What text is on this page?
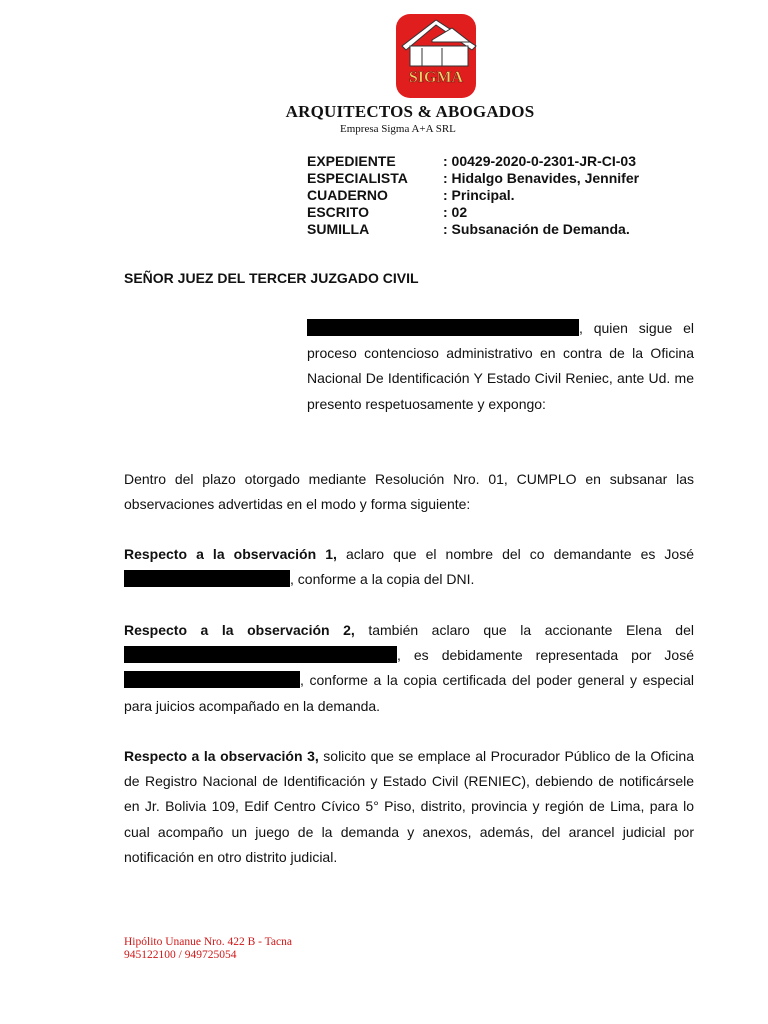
SIGMA
ARQUITECTOS & ABOGADOS
Empresa Sigma A+A SRL
EXPEDIENTE	: 00429-2020-0-2301-JR-CI-03
ESPECIALISTA	: Hidalgo Benavides, Jennifer
CUADERNO	: Principal.
ESCRITO	: 02
SUMILLA	: Subsanación de Demanda.
SEÑOR JUEZ DEL TERCER JUZGADO CIVIL
, quien sigue el proceso contencioso administrativo en contra de la Oficina Nacional De Identificación Y Estado Civil Reniec, ante Ud. me presento respetuosamente y expongo:
Dentro del plazo otorgado mediante Resolución Nro. 01, CUMPLO en subsanar las observaciones advertidas en el modo y forma siguiente:
Respecto a la observación 1, aclaro que el nombre del co demandante es José , conforme a la copia del DNI.
Respecto a la observación 2, también aclaro que la accionante Elena del , es debidamente representada por José , conforme a la copia certificada del poder general y especial para juicios acompañado en la demanda.
Respecto a la observación 3, solicito que se emplace al Procurador Público de la Oficina de Registro Nacional de Identificación y Estado Civil (RENIEC), debiendo de notificársele en Jr. Bolivia 109, Edif Centro Cívico 5° Piso, distrito, provincia y región de Lima, para lo cual acompaño un juego de la demanda y anexos, además, del arancel judicial por notificación en otro distrito judicial.
Hipólito Unanue Nro. 422 B - Tacna
945122100 / 949725054
